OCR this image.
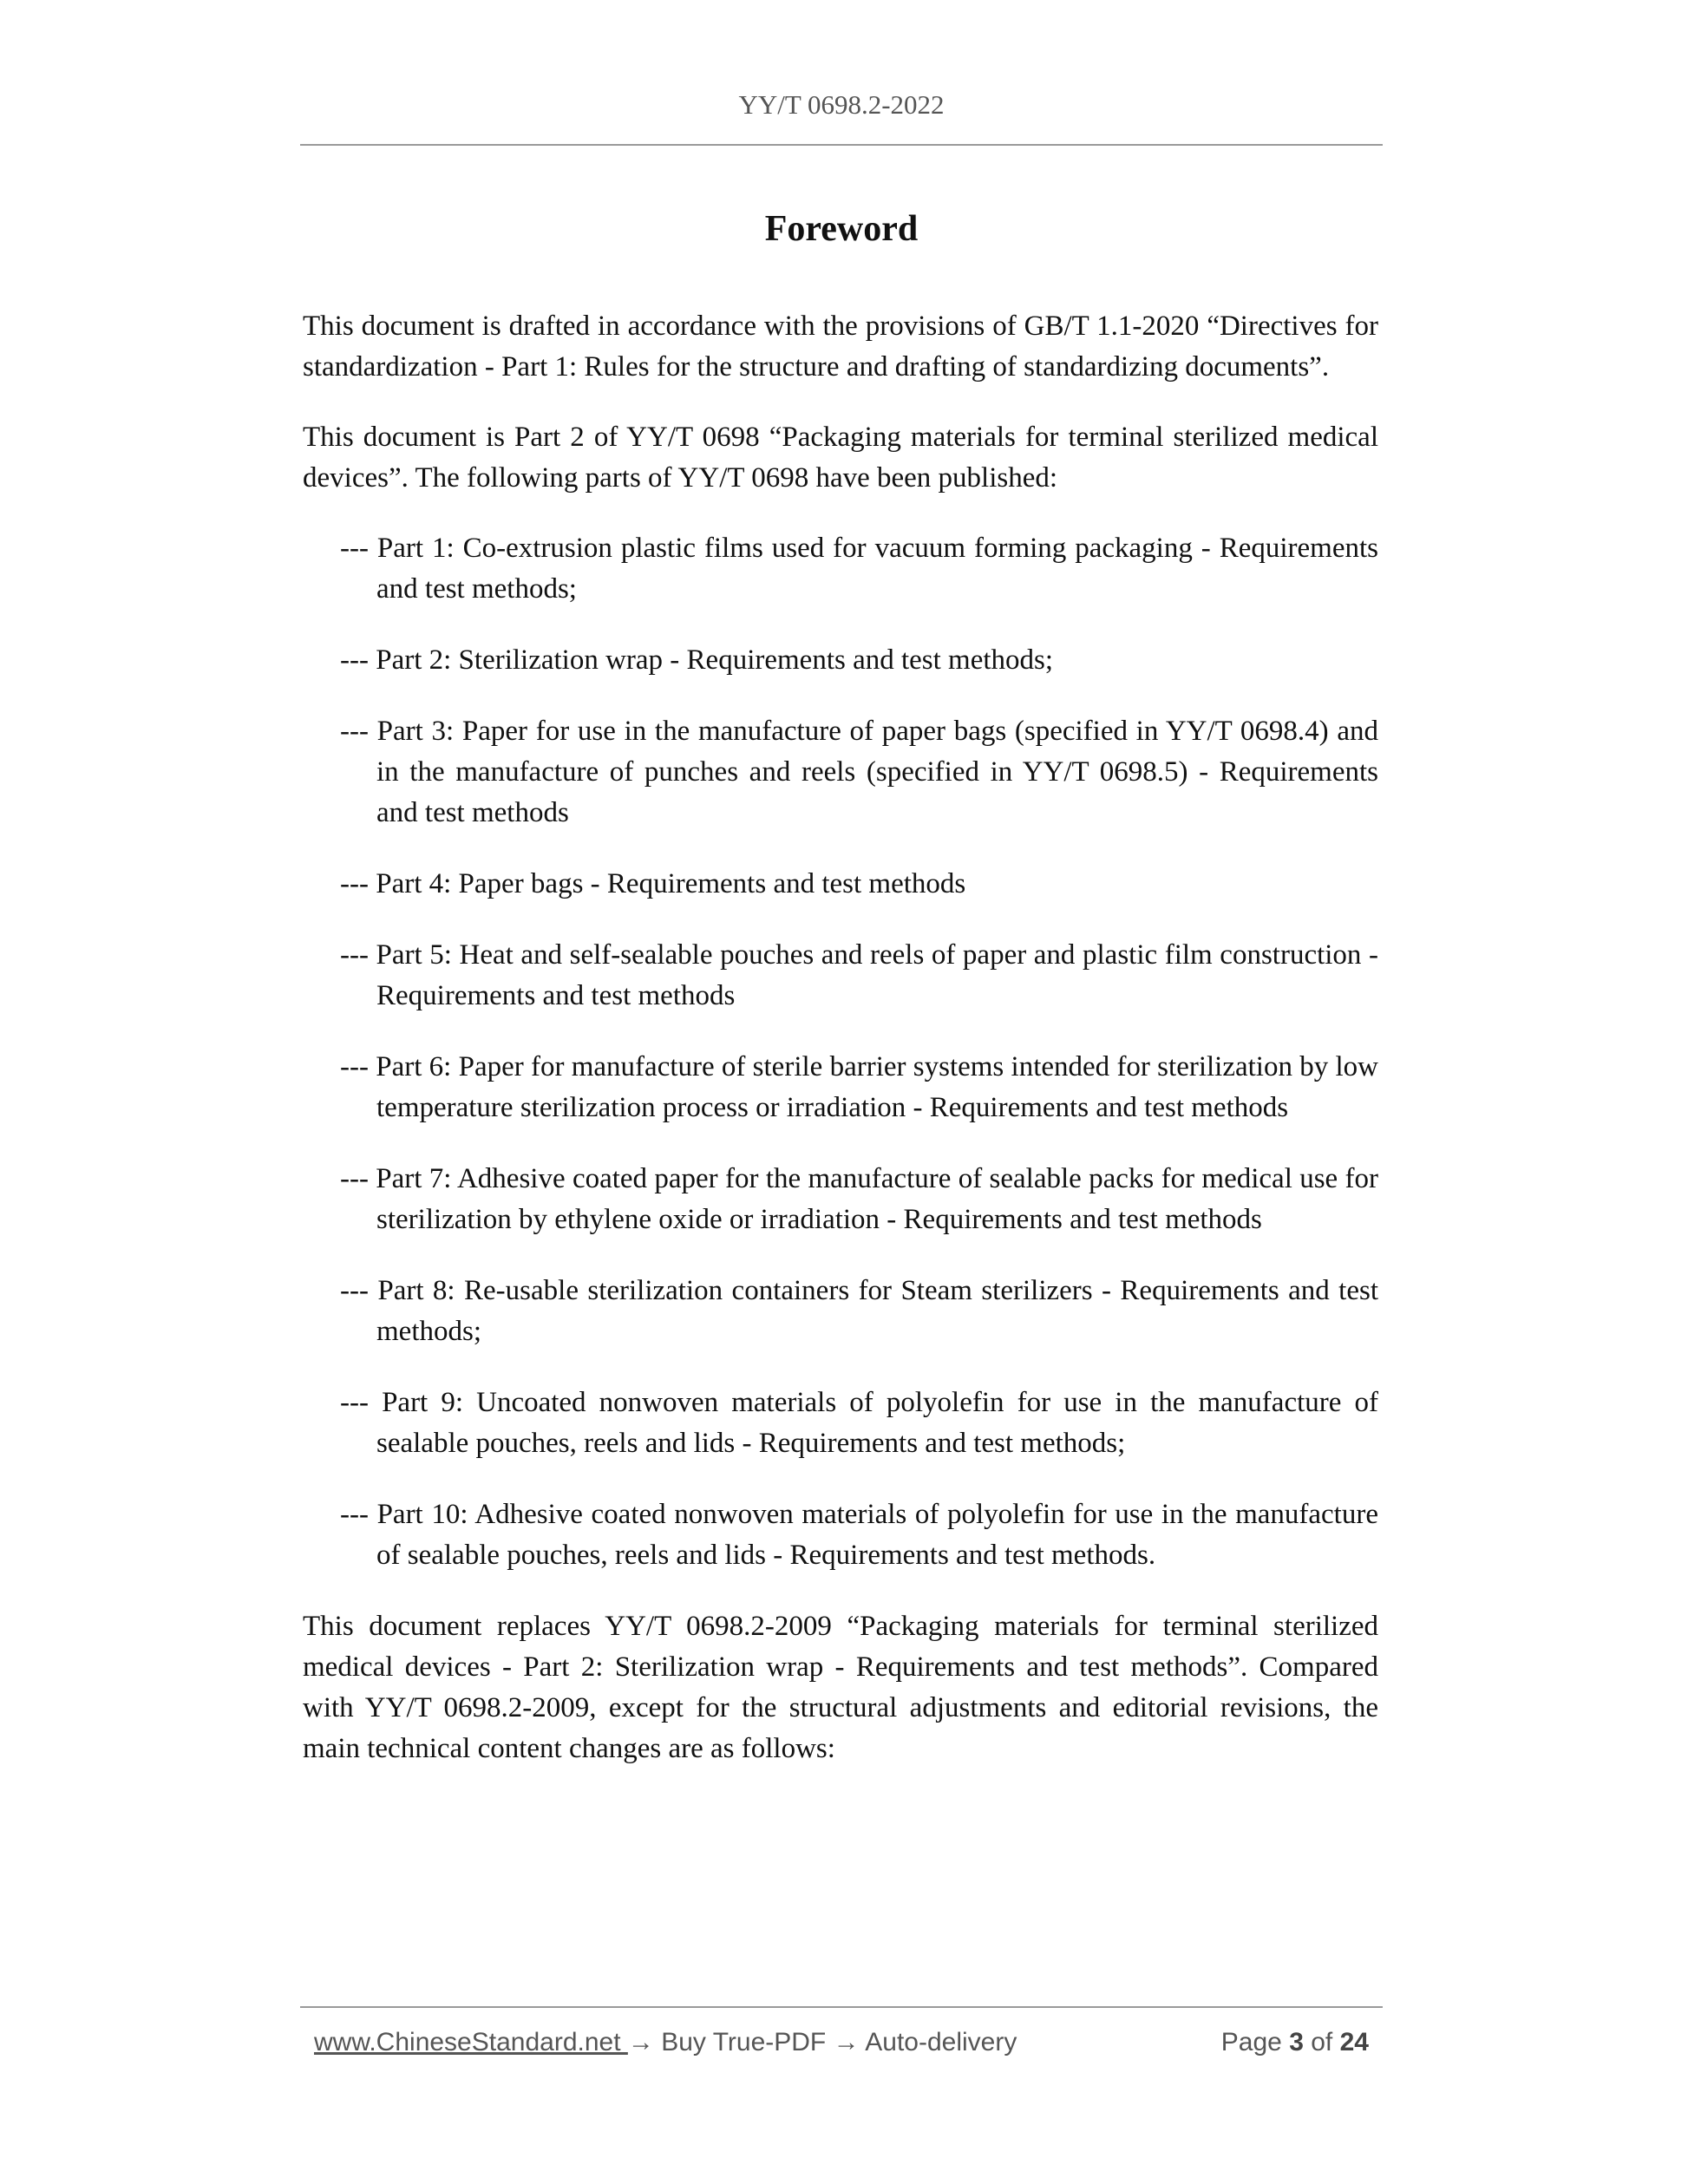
YY/T 0698.2-2022
Foreword

This document is drafted in accordance with the provisions of GB/T 1.1-2020 “Directives for standardization - Part 1: Rules for the structure and drafting of standardizing documents”.

This document is Part 2 of YY/T 0698 “Packaging materials for terminal sterilized medical devices”. The following parts of YY/T 0698 have been published:

--- Part 1: Co-extrusion plastic films used for vacuum forming packaging - Requirements and test methods;
--- Part 2: Sterilization wrap - Requirements and test methods;
--- Part 3: Paper for use in the manufacture of paper bags (specified in YY/T 0698.4) and in the manufacture of punches and reels (specified in YY/T 0698.5) - Requirements and test methods
--- Part 4: Paper bags - Requirements and test methods
--- Part 5: Heat and self-sealable pouches and reels of paper and plastic film construction - Requirements and test methods
--- Part 6: Paper for manufacture of sterile barrier systems intended for sterilization by low temperature sterilization process or irradiation - Requirements and test methods
--- Part 7: Adhesive coated paper for the manufacture of sealable packs for medical use for sterilization by ethylene oxide or irradiation - Requirements and test methods
--- Part 8: Re-usable sterilization containers for Steam sterilizers - Requirements and test methods;
--- Part 9: Uncoated nonwoven materials of polyolefin for use in the manufacture of sealable pouches, reels and lids - Requirements and test methods;
--- Part 10: Adhesive coated nonwoven materials of polyolefin for use in the manufacture of sealable pouches, reels and lids - Requirements and test methods.

This document replaces YY/T 0698.2-2009 “Packaging materials for terminal sterilized medical devices - Part 2: Sterilization wrap - Requirements and test methods”. Compared with YY/T 0698.2-2009, except for the structural adjustments and editorial revisions, the main technical content changes are as follows:

www.ChineseStandard.net → Buy True-PDF → Auto-delivery	Page 3 of 24
